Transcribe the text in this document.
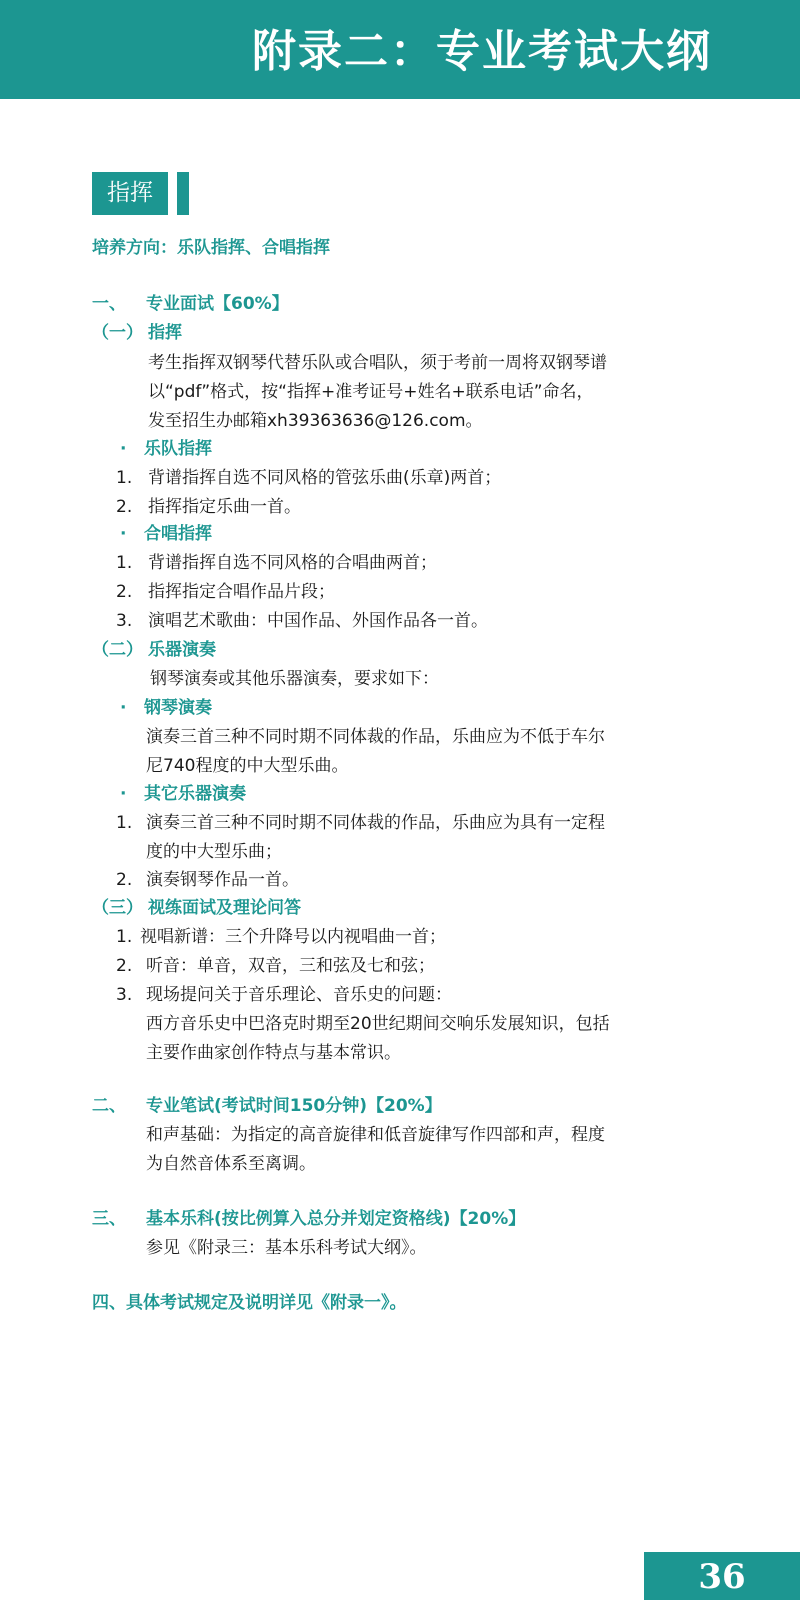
附录二：专业考试大纲
指挥
培养方向：乐队指挥、合唱指挥
一、 专业面试【60%】
（一） 指挥
考生指挥双钢琴代替乐队或合唱队，须于考前一周将双钢琴谱
以“pdf”格式，按“指挥+准考证号+姓名+联系电话”命名，
发至招生办邮箱xh39363636@126.com。
· 乐队指挥
1. 背谱指挥自选不同风格的管弦乐曲(乐章)两首；
2. 指挥指定乐曲一首。
· 合唱指挥
1. 背谱指挥自选不同风格的合唱曲两首；
2. 指挥指定合唱作品片段；
3. 演唱艺术歌曲：中国作品、外国作品各一首。
（二） 乐器演奏
钢琴演奏或其他乐器演奏，要求如下：
· 钢琴演奏
演奏三首三种不同时期不同体裁的作品，乐曲应为不低于车尔
尼740程度的中大型乐曲。
· 其它乐器演奏
1. 演奏三首三种不同时期不同体裁的作品，乐曲应为具有一定程
度的中大型乐曲；
2. 演奏钢琴作品一首。
（三） 视练面试及理论问答
1. 视唱新谱：三个升降号以内视唱曲一首；
2. 听音：单音，双音，三和弦及七和弦；
3. 现场提问关于音乐理论、音乐史的问题：
西方音乐史中巴洛克时期至20世纪期间交响乐发展知识，包括
主要作曲家创作特点与基本常识。
二、 专业笔试(考试时间150分钟)【20%】
和声基础：为指定的高音旋律和低音旋律写作四部和声，程度
为自然音体系至离调。
三、 基本乐科(按比例算入总分并划定资格线)【20%】
参见《附录三：基本乐科考试大纲》。
四、具体考试规定及说明详见《附录一》。
36
